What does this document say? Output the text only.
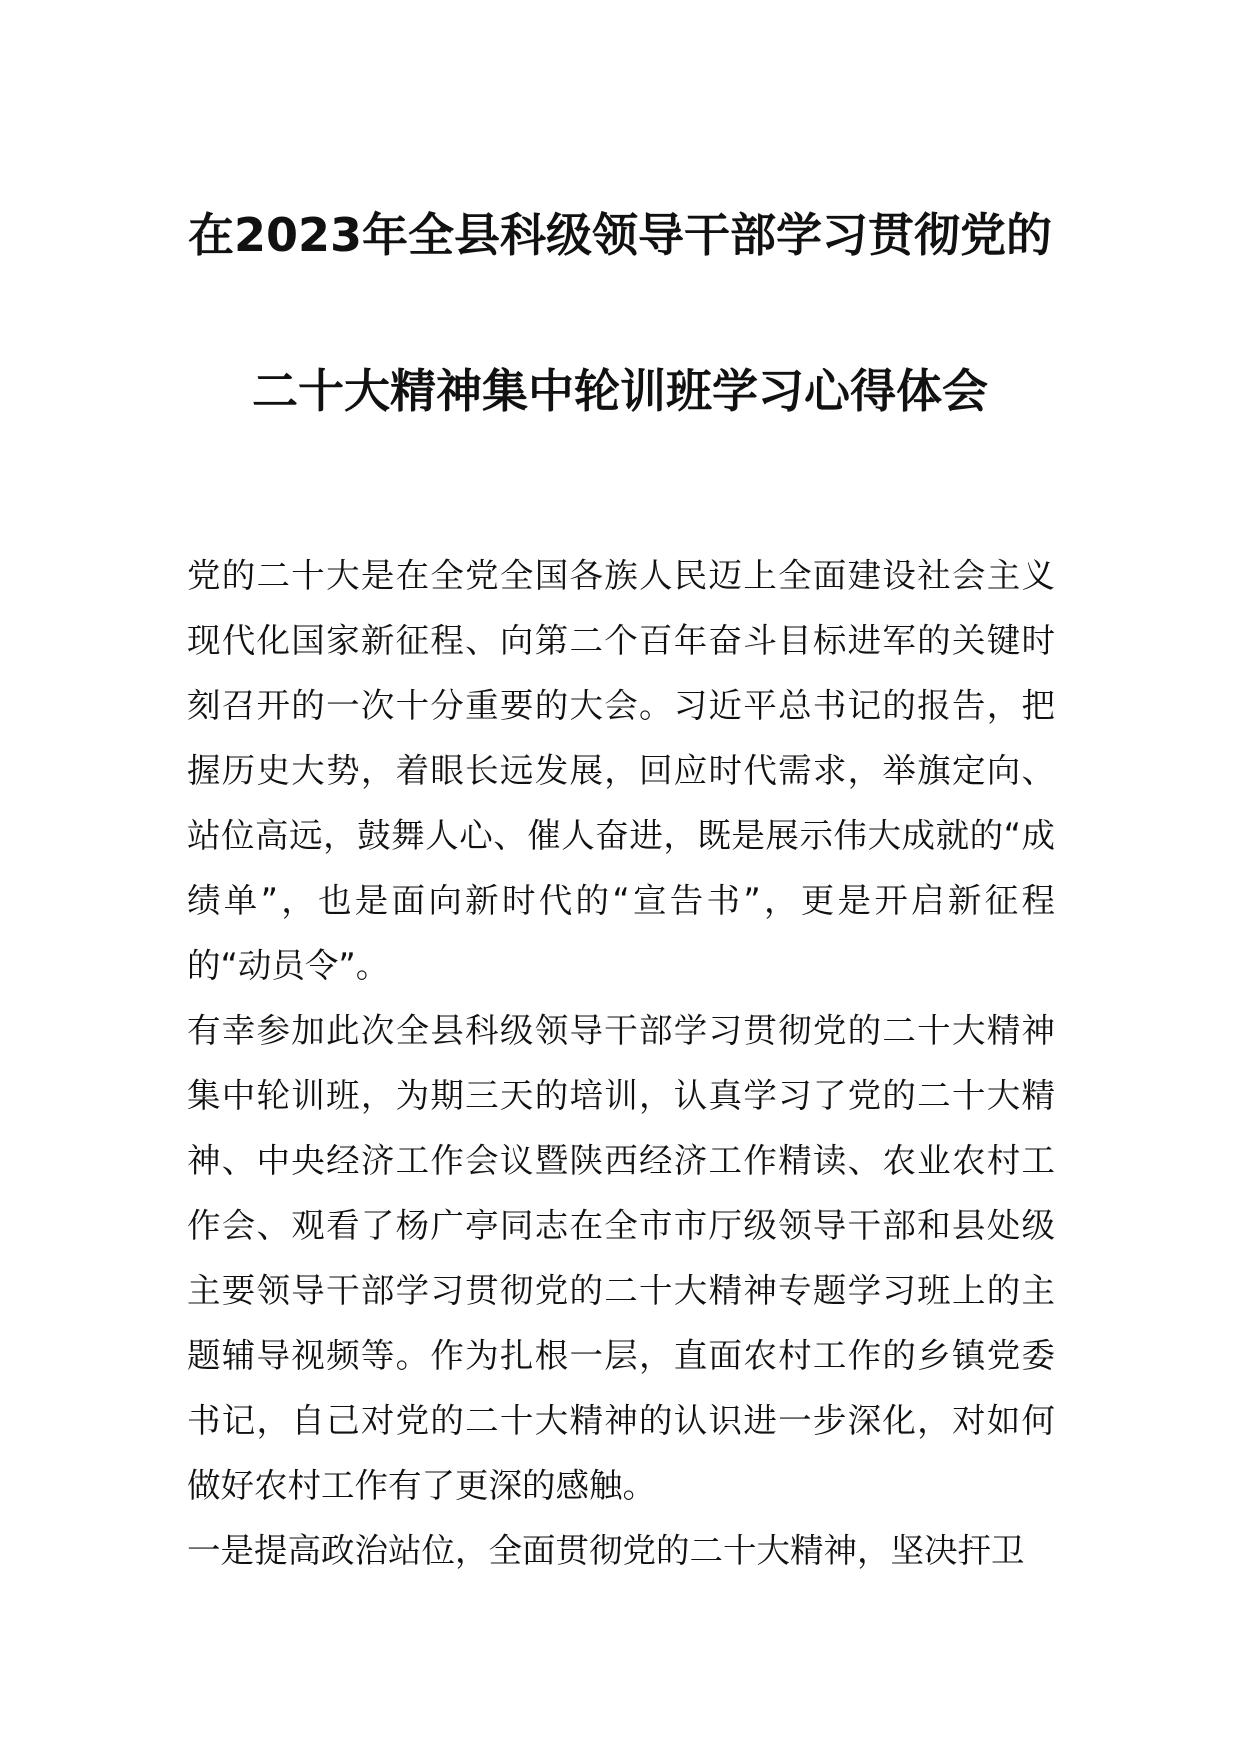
在2023年全县科级领导干部学习贯彻党的
二十大精神集中轮训班学习心得体会

党的二十大是在全党全国各族人民迈上全面建设社会主义现代化国家新征程、向第二个百年奋斗目标进军的关键时刻召开的一次十分重要的大会。习近平总书记的报告，把握历史大势，着眼长远发展，回应时代需求，举旗定向、站位高远，鼓舞人心、催人奋进，既是展示伟大成就的“成绩单”，也是面向新时代的“宣告书”，更是开启新征程的“动员令”。

有幸参加此次全县科级领导干部学习贯彻党的二十大精神集中轮训班，为期三天的培训，认真学习了党的二十大精神、中央经济工作会议暨陕西经济工作精读、农业农村工作会、观看了杨广亭同志在全市市厅级领导干部和县处级主要领导干部学习贯彻党的二十大精神专题学习班上的主题辅导视频等。作为扎根一层，直面农村工作的乡镇党委书记，自己对党的二十大精神的认识进一步深化，对如何做好农村工作有了更深的感触。

一是提高政治站位，全面贯彻党的二十大精神，坚决扞卫
